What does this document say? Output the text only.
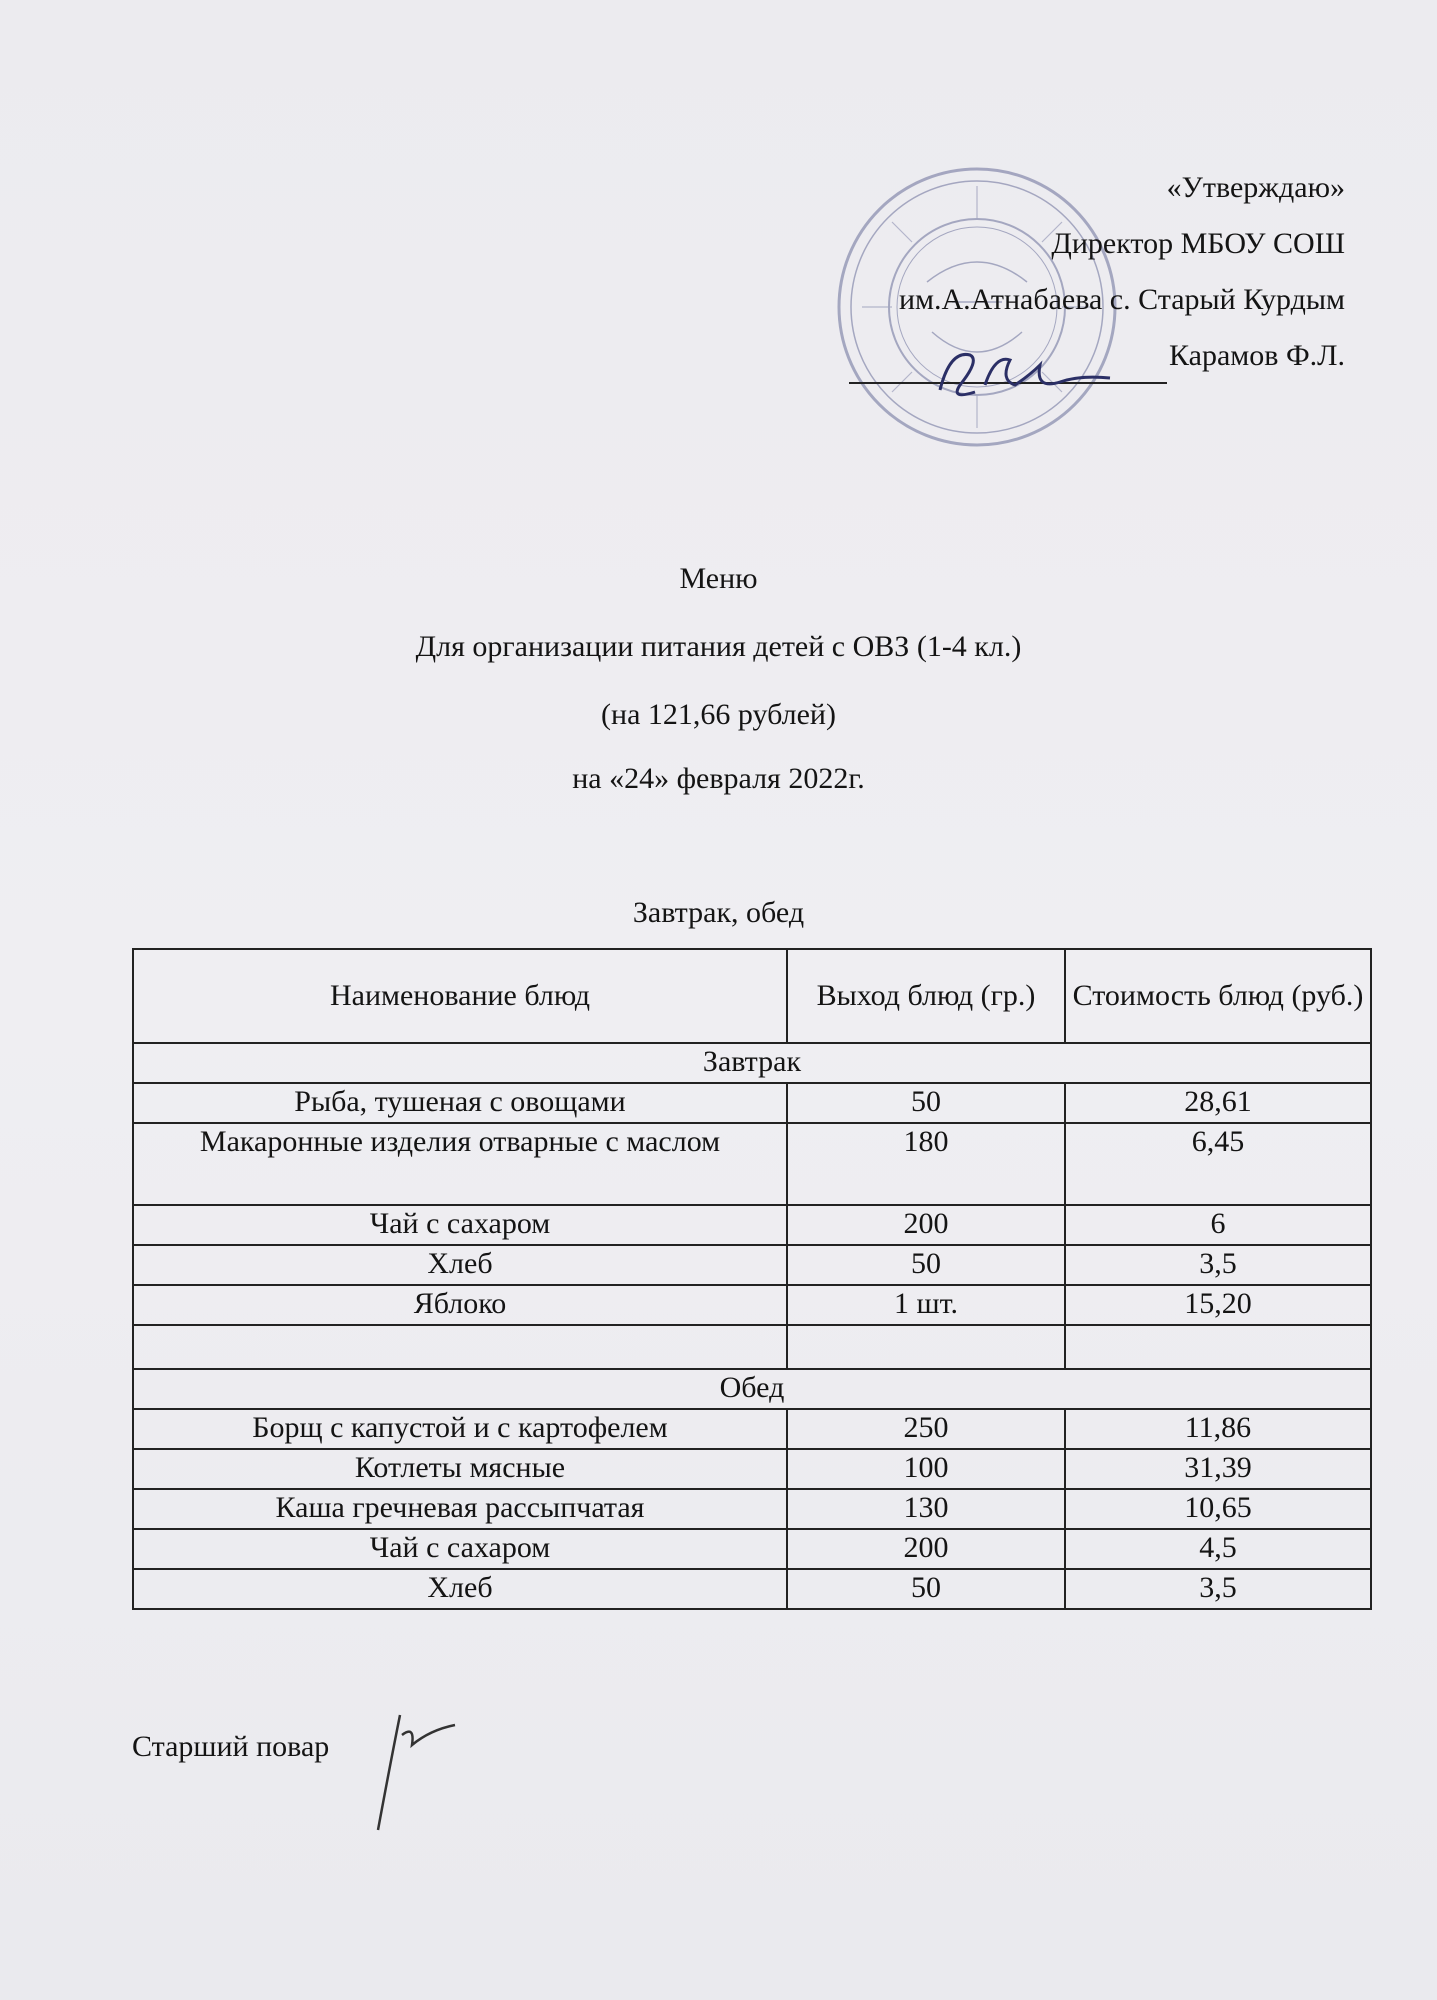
«Утверждаю»
Директор МБОУ СОШ
им.А.Атнабаева с. Старый Курдым
Карамов Ф.Л.
Меню
Для организации питания детей с ОВЗ (1-4 кл.)
(на 121,66 рублей)
на «24» февраля 2022г.
Завтрак, обед
Наименование блюд	Выход блюд (гр.)	Стоимость блюд (руб.)
Завтрак		
Рыба, тушеная с овощами	50	28,61
Макаронные изделия отварные с маслом	180	6,45
Чай с сахаром	200	6
Хлеб	50	3,5
Яблоко	1 шт.	15,20

Обед		
Борщ с капустой и с картофелем	250	11,86
Котлеты мясные	100	31,39
Каша гречневая рассыпчатая	130	10,65
Чай с сахаром	200	4,5
Хлеб	50	3,5
Старший повар
